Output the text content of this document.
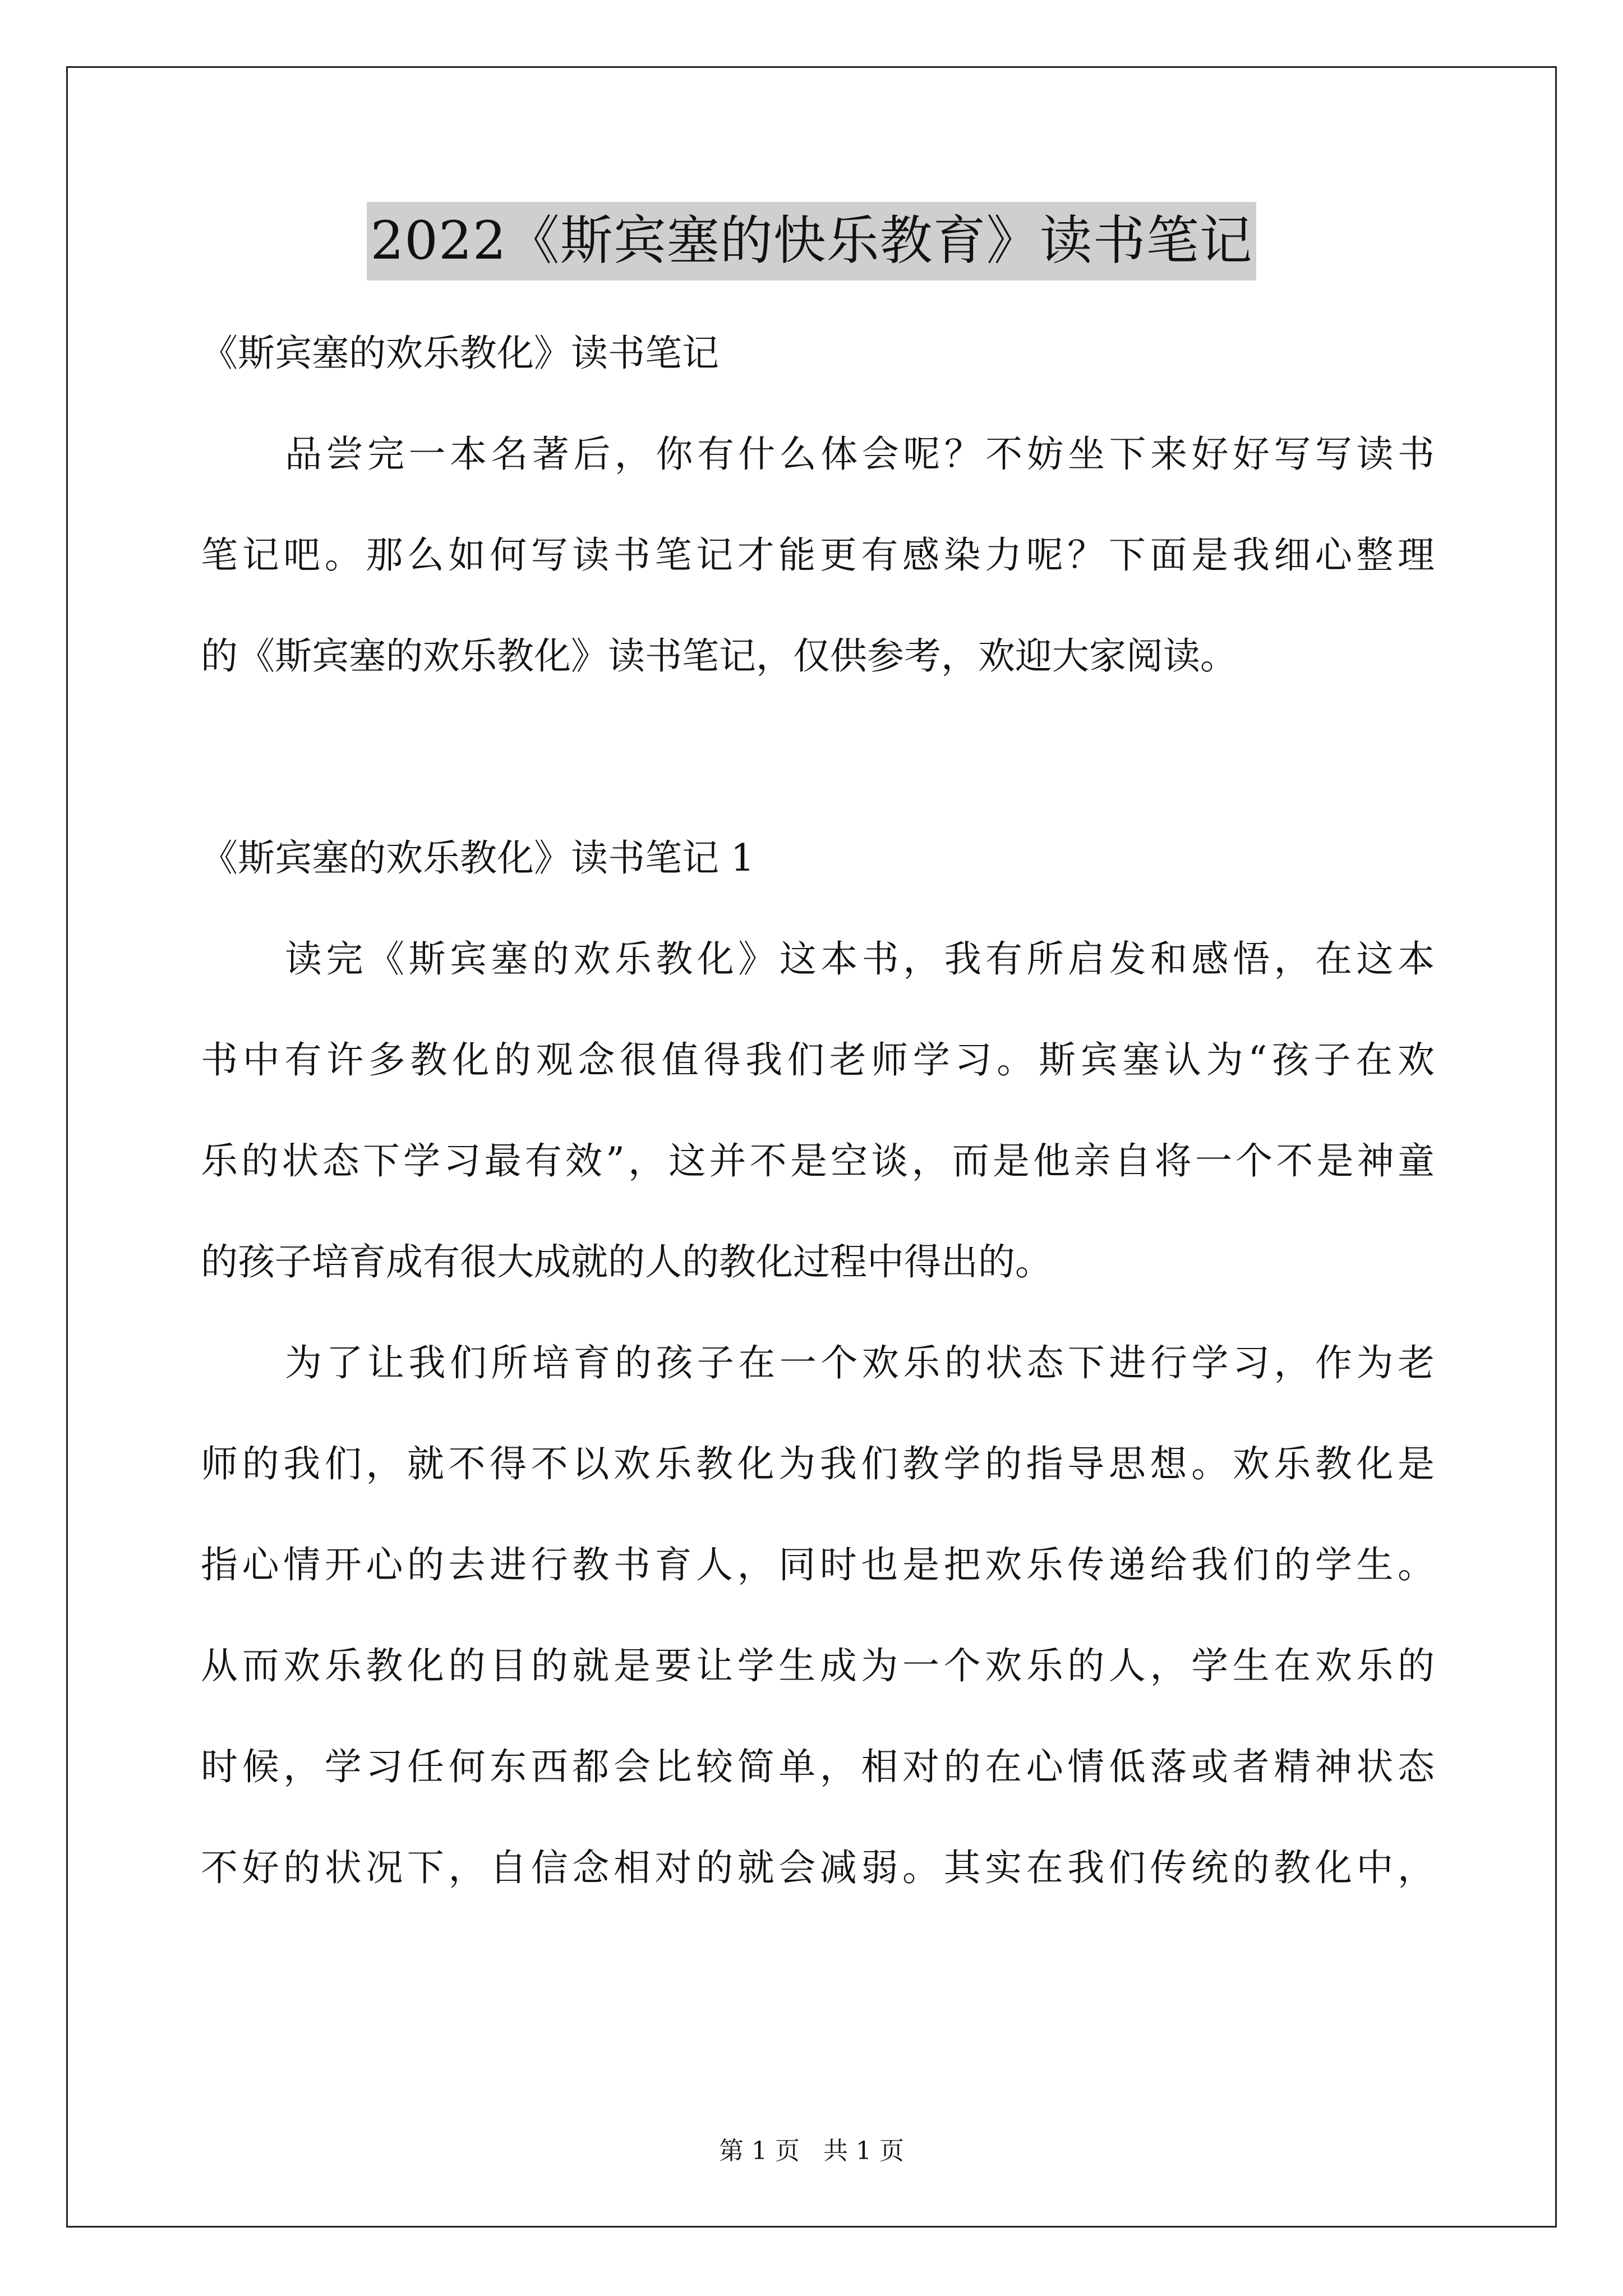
2022《斯宾塞的快乐教育》读书笔记
《斯宾塞的欢乐教化》读书笔记

品尝完一本名著后，你有什么体会呢？不妨坐下来好好写写读书
笔记吧。那么如何写读书笔记才能更有感染力呢？下面是我细心整理
的《斯宾塞的欢乐教化》读书笔记，仅供参考，欢迎大家阅读。

《斯宾塞的欢乐教化》读书笔记 1

读完《斯宾塞的欢乐教化》这本书，我有所启发和感悟，在这本
书中有许多教化的观念很值得我们老师学习。斯宾塞认为“孩子在欢
乐的状态下学习最有效”，这并不是空谈，而是他亲自将一个不是神童
的孩子培育成有很大成就的人的教化过程中得出的。

为了让我们所培育的孩子在一个欢乐的状态下进行学习，作为老
师的我们，就不得不以欢乐教化为我们教学的指导思想。欢乐教化是
指心情开心的去进行教书育人，同时也是把欢乐传递给我们的学生。
从而欢乐教化的目的就是要让学生成为一个欢乐的人，学生在欢乐的
时候，学习任何东西都会比较简单，相对的在心情低落或者精神状态
不好的状况下，自信念相对的就会减弱。其实在我们传统的教化中，

第 1 页   共 1 页
